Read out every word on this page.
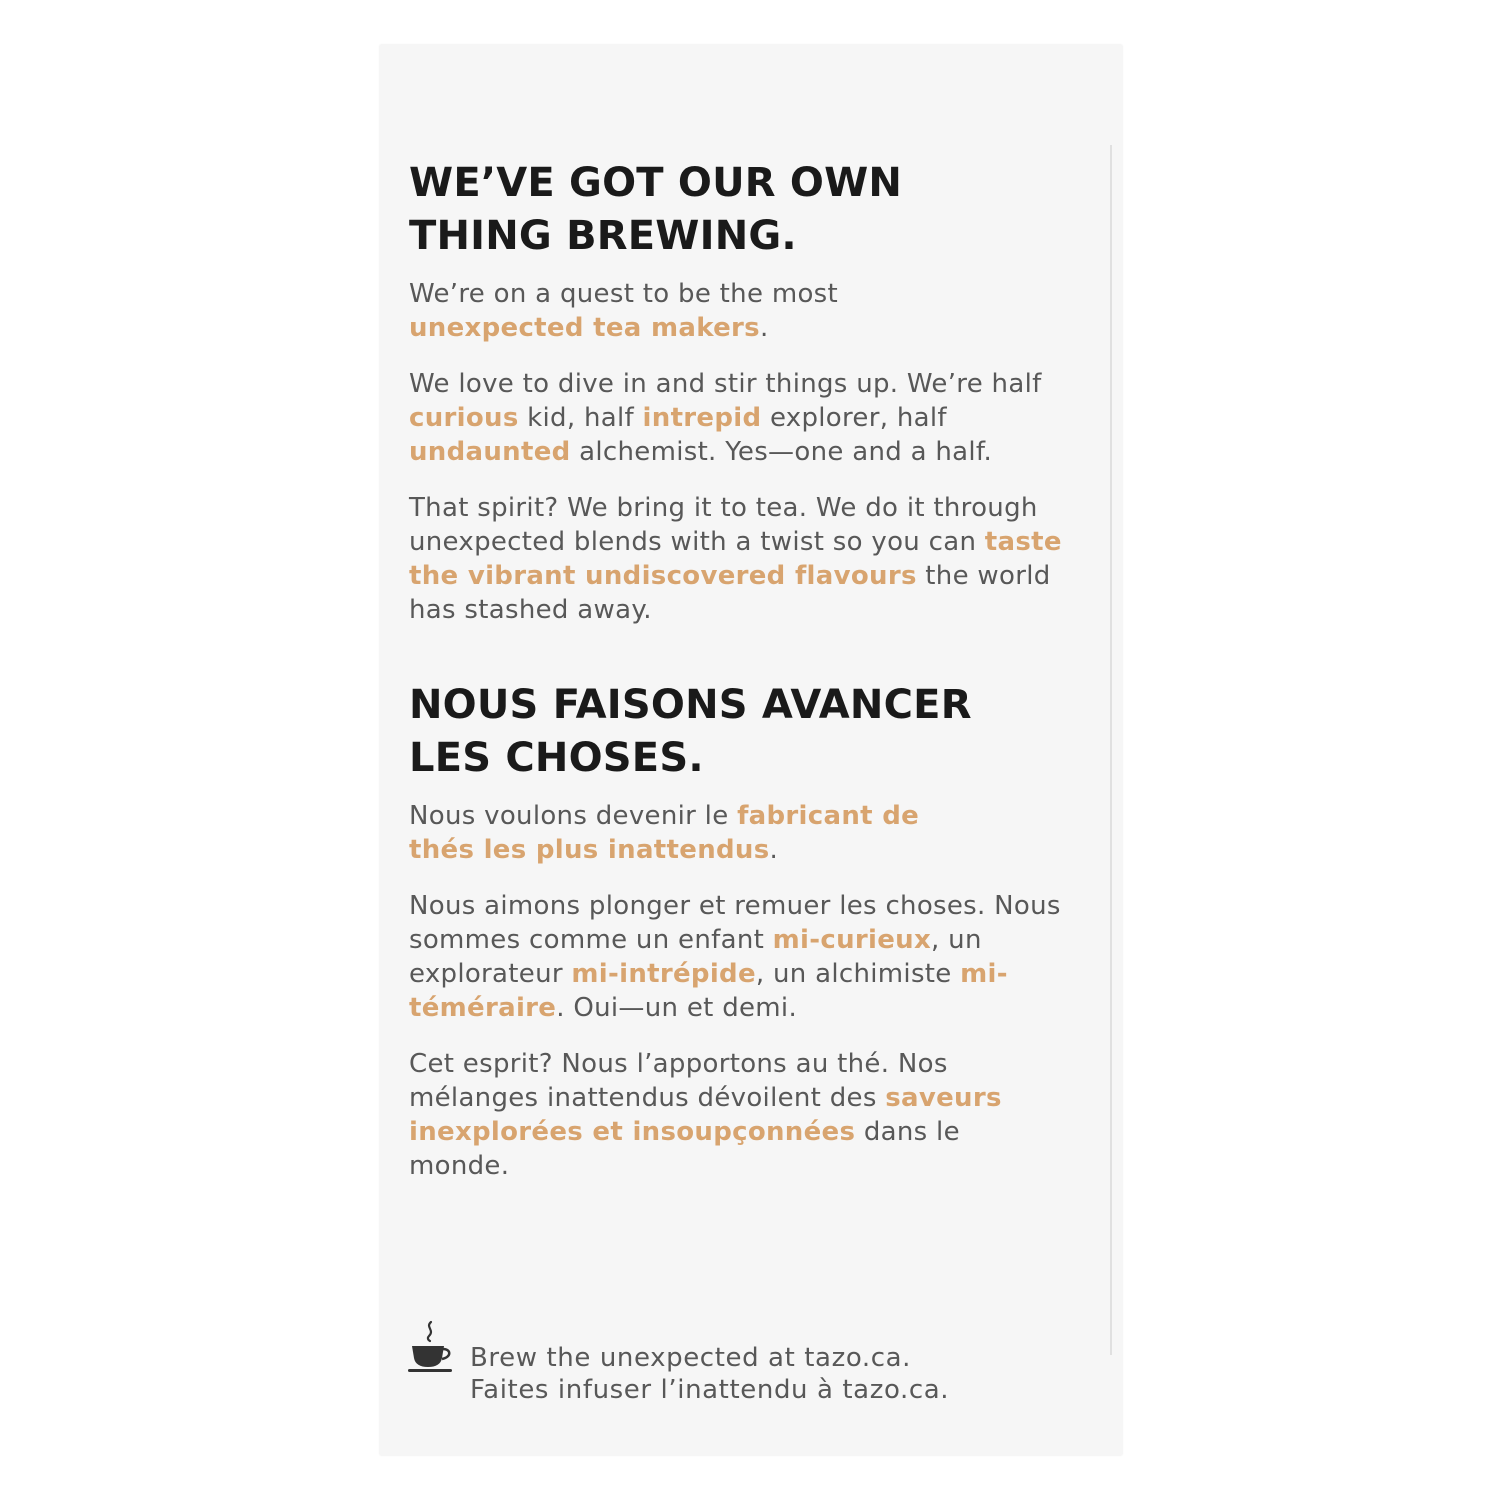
WE’VE GOT OUR OWN
THING BREWING.

We’re on a quest to be the most unexpected tea makers.

We love to dive in and stir things up. We’re half curious kid, half intrepid explorer, half undaunted alchemist. Yes—one and a half.

That spirit? We bring it to tea. We do it through unexpected blends with a twist so you can taste the vibrant undiscovered flavours the world has stashed away.

NOUS FAISONS AVANCER
LES CHOSES.

Nous voulons devenir le fabricant de thés les plus inattendus.

Nous aimons plonger et remuer les choses. Nous sommes comme un enfant mi-curieux, un explorateur mi-intrépide, un alchimiste mi-téméraire. Oui—un et demi.

Cet esprit? Nous l’apportons au thé. Nos mélanges inattendus dévoilent des saveurs inexplorées et insoupçonnées dans le monde.

Brew the unexpected at tazo.ca.
Faites infuser l’inattendu à tazo.ca.
